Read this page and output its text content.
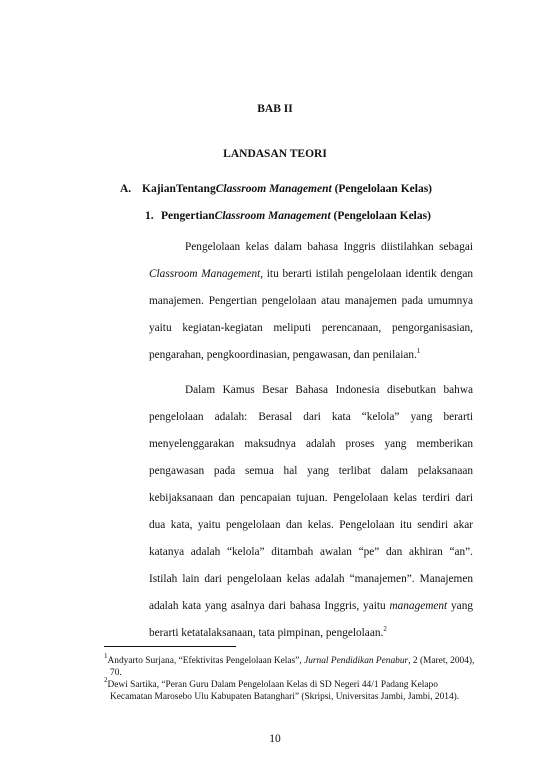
BAB II
LANDASAN TEORI
A. KajianTentangClassroom Management (Pengelolaan Kelas)
1. PengertianClassroom Management (Pengelolaan Kelas)

Pengelolaan kelas dalam bahasa Inggris diistilahkan sebagai Classroom Management, itu berarti istilah pengelolaan identik dengan manajemen. Pengertian pengelolaan atau manajemen pada umumnya yaitu kegiatan-kegiatan meliputi perencanaan, pengorganisasian, pengarahan, pengkoordinasian, pengawasan, dan penilaian.$^1$

Dalam Kamus Besar Bahasa Indonesia disebutkan bahwa pengelolaan adalah: Berasal dari kata “kelola” yang berarti menyelenggarakan maksudnya adalah proses yang memberikan pengawasan pada semua hal yang terlibat dalam pelaksanaan kebijaksanaan dan pencapaian tujuan. Pengelolaan kelas terdiri dari dua kata, yaitu pengelolaan dan kelas. Pengelolaan itu sendiri akar katanya adalah “kelola” ditambah awalan “pe” dan akhiran “an”. Istilah lain dari pengelolaan kelas adalah “manajemen”. Manajemen adalah kata yang asalnya dari bahasa Inggris, yaitu management yang berarti ketatalaksanaan, tata pimpinan, pengelolaan.$^2$

$^1$Andyarto Surjana, “Efektivitas Pengelolaan Kelas”, Jurnal Pendidikan Penabur, 2 (Maret, 2004),
70.
$^2$Dewi Sartika, “Peran Guru Dalam Pengelolaan Kelas di SD Negeri 44/1 Padang Kelapo
Kecamatan Marosebo Ulu Kabupaten Batanghari” (Skripsi, Universitas Jambi, Jambi, 2014).
10
